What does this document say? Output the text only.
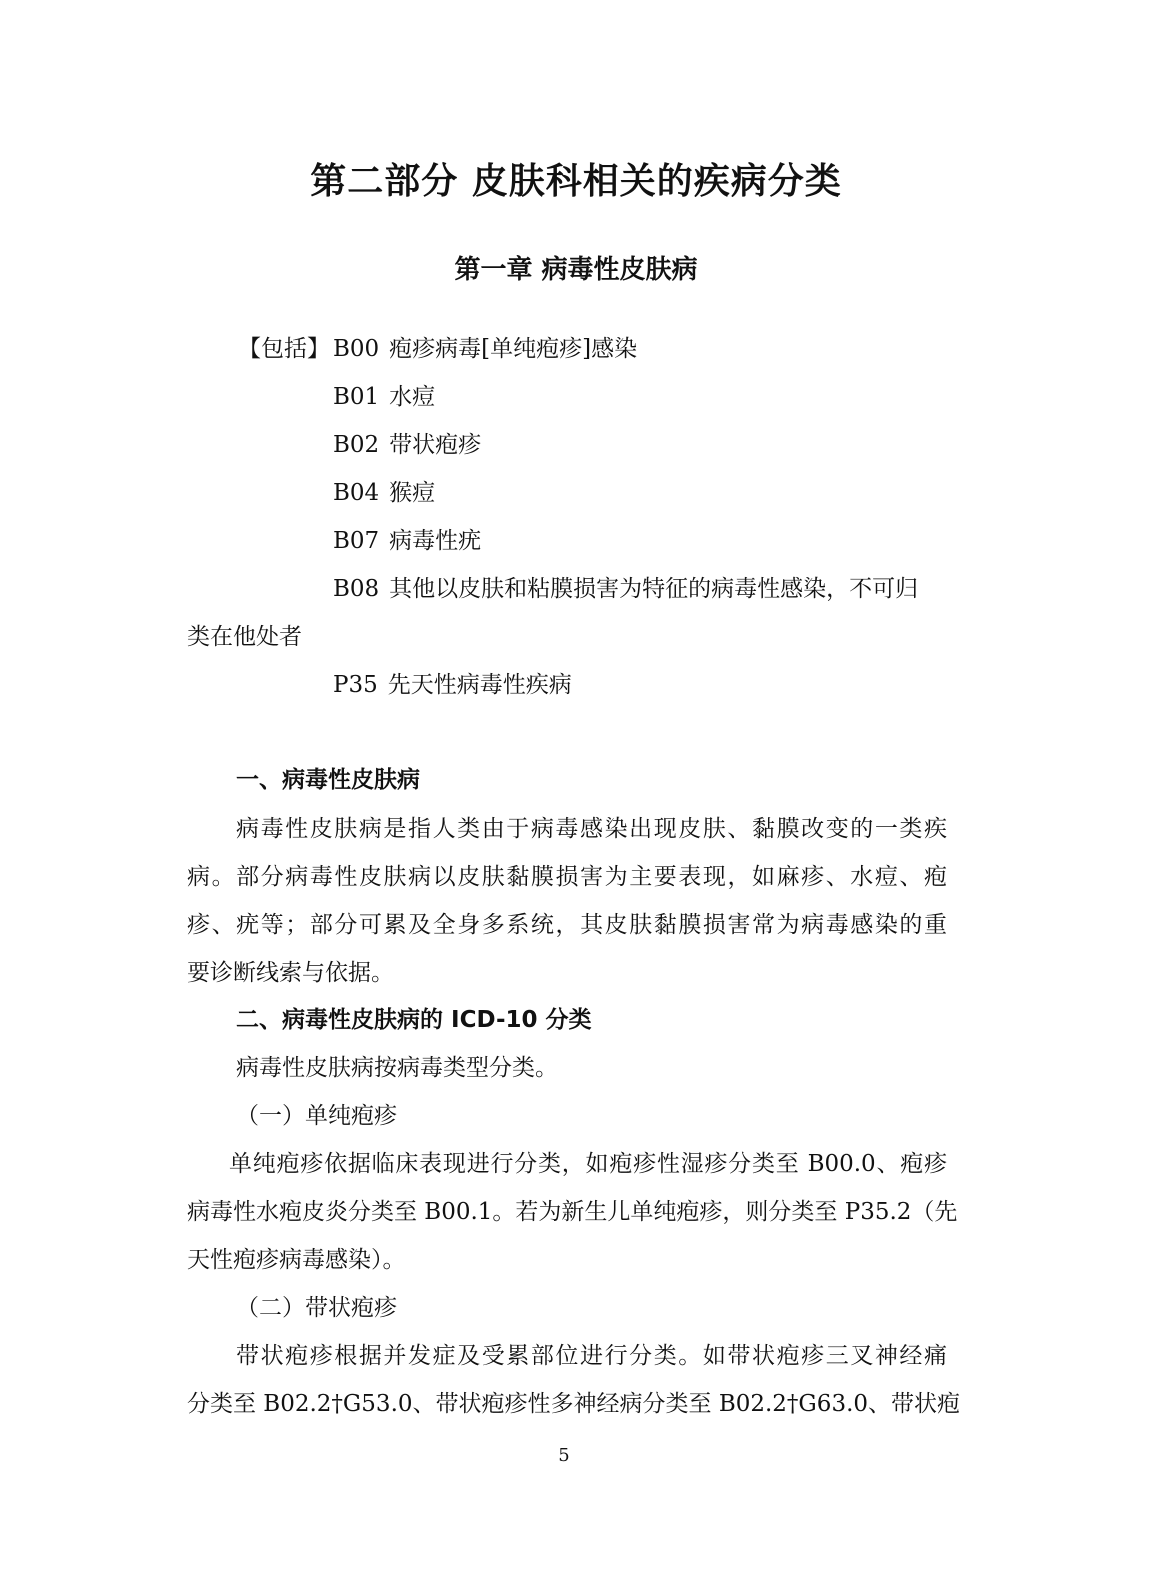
第二部分 皮肤科相关的疾病分类
第一章 病毒性皮肤病
【包括】 B00 疱疹病毒[单纯疱疹]感染
B01 水痘
B02 带状疱疹
B04 猴痘
B07 病毒性疣
B08 其他以皮肤和粘膜损害为特征的病毒性感染，不可归
类在他处者
P35 先天性病毒性疾病
一、病毒性皮肤病
病毒性皮肤病是指人类由于病毒感染出现皮肤、黏膜改变的一类疾
病。部分病毒性皮肤病以皮肤黏膜损害为主要表现，如麻疹、水痘、疱
疹、疣等；部分可累及全身多系统，其皮肤黏膜损害常为病毒感染的重
要诊断线索与依据。
二、病毒性皮肤病的 ICD-10 分类
病毒性皮肤病按病毒类型分类。
（一）单纯疱疹
单纯疱疹依据临床表现进行分类，如疱疹性湿疹分类至 B00.0、疱疹
病毒性水疱皮炎分类至 B00.1。若为新生儿单纯疱疹，则分类至 P35.2（先
天性疱疹病毒感染）。
（二）带状疱疹
带状疱疹根据并发症及受累部位进行分类。如带状疱疹三叉神经痛
分类至 B02.2†G53.0、带状疱疹性多神经病分类至 B02.2†G63.0、带状疱
5
